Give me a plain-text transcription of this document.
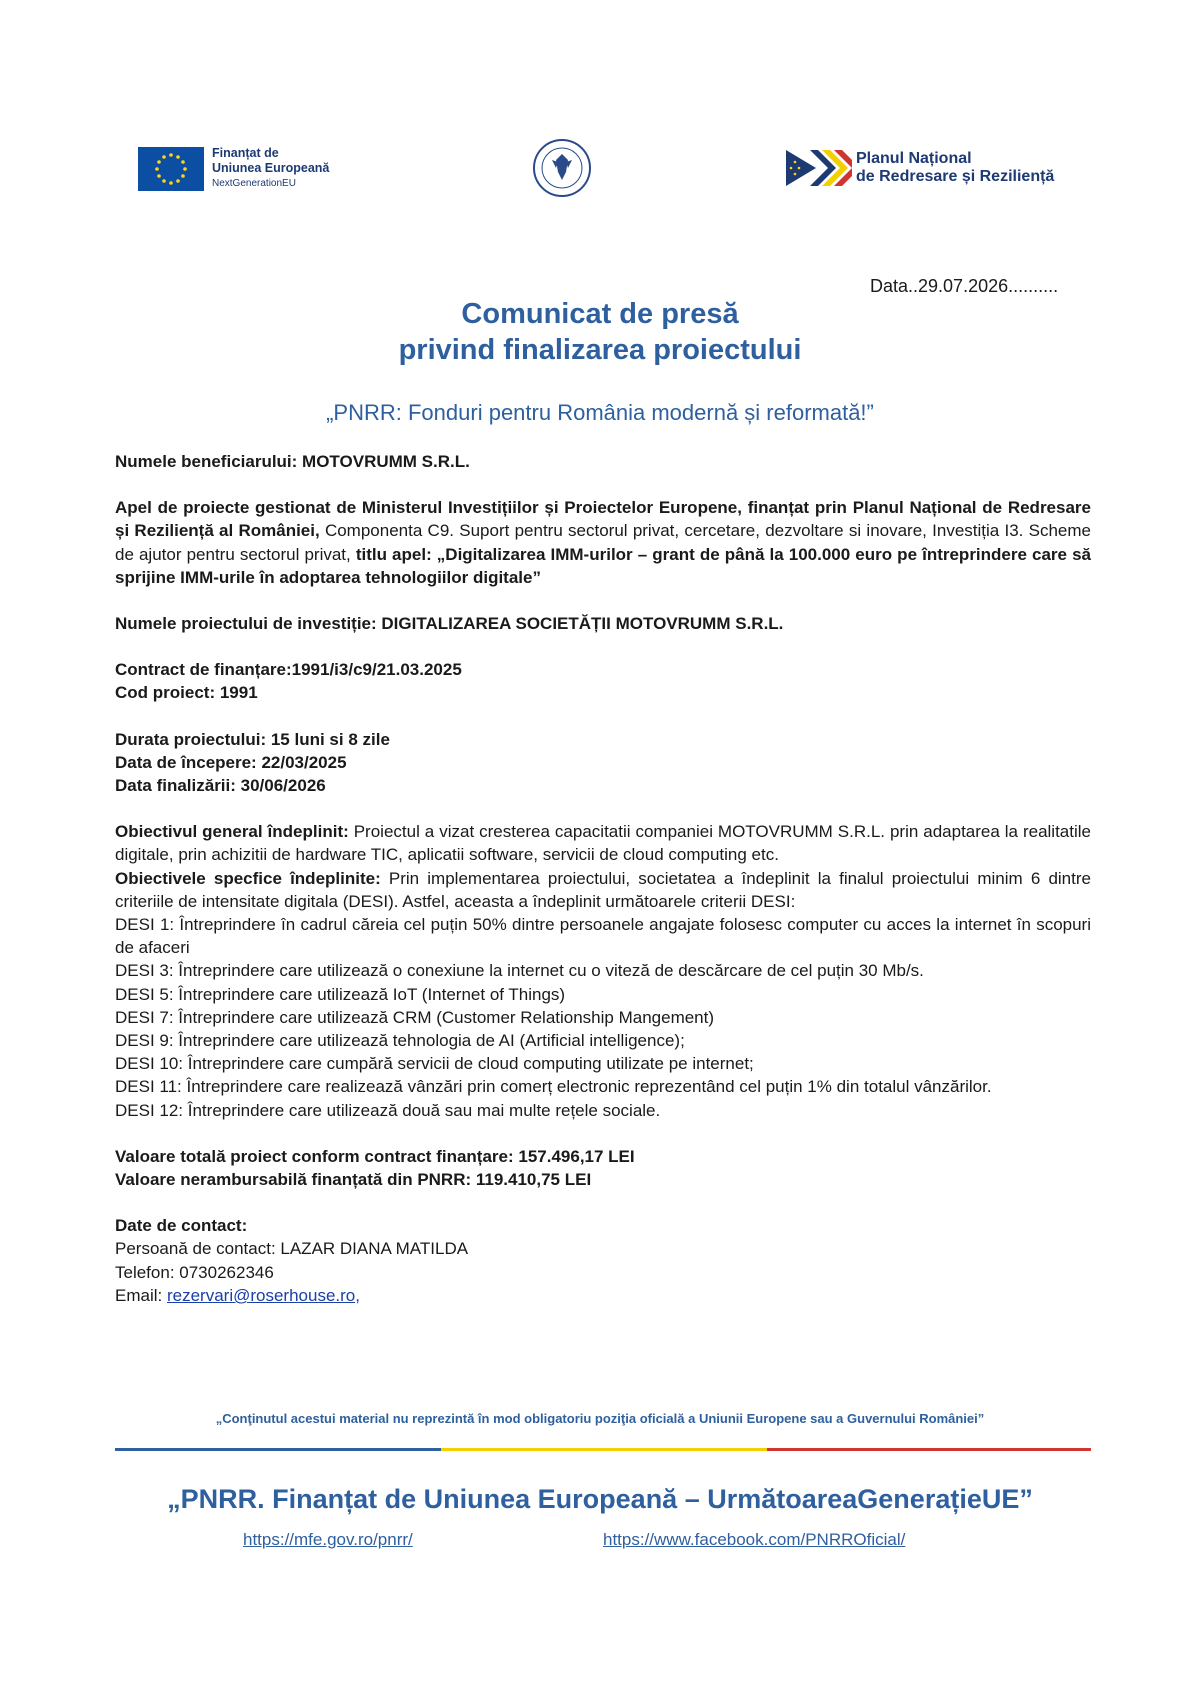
Finanțat de
Uniunea Europeană
NextGenerationEU
Planul Național
de Redresare și Reziliență
Data..29.07.2026..........
Comunicat de presă
privind finalizarea proiectului
„PNRR: Fonduri pentru România modernă și reformată!”

Numele beneficiarului: MOTOVRUMM S.R.L.

Apel de proiecte gestionat de Ministerul Investițiilor și Proiectelor Europene, finanțat prin Planul Național de Redresare și Reziliență al României, Componenta C9. Suport pentru sectorul privat, cercetare, dezvoltare si inovare, Investiția I3. Scheme de ajutor pentru sectorul privat, titlu apel: „Digitalizarea IMM-urilor – grant de până la 100.000 euro pe întreprindere care să sprijine IMM-urile în adoptarea tehnologiilor digitale”

Numele proiectului de investiție: DIGITALIZAREA SOCIETĂȚII MOTOVRUMM S.R.L.

Contract de finanțare:1991/i3/c9/21.03.2025

Cod proiect: 1991

Durata proiectului: 15 luni si 8 zile

Data de începere: 22/03/2025

Data finalizării: 30/06/2026

Obiectivul general îndeplinit: Proiectul a vizat cresterea capacitatii companiei MOTOVRUMM S.R.L. prin adaptarea la realitatile digitale, prin achizitii de hardware TIC, aplicatii software, servicii de cloud computing etc.

Obiectivele specfice îndeplinite: Prin implementarea proiectului, societatea a îndeplinit la finalul proiectului minim 6 dintre criteriile de intensitate digitala (DESI). Astfel, aceasta a îndeplinit următoarele criterii DESI:

DESI 1: Întreprindere în cadrul căreia cel puțin 50% dintre persoanele angajate folosesc computer cu acces la internet în scopuri de afaceri

DESI 3: Întreprindere care utilizează o conexiune la internet cu o viteză de descărcare de cel puțin 30 Mb/s.

DESI 5: Întreprindere care utilizează IoT (Internet of Things)

DESI 7: Întreprindere care utilizează CRM (Customer Relationship Mangement)

DESI 9: Întreprindere care utilizează tehnologia de AI (Artificial intelligence);

DESI 10: Întreprindere care cumpără servicii de cloud computing utilizate pe internet;

DESI 11: Întreprindere care realizează vânzări prin comerț electronic reprezentând cel puțin 1% din totalul vânzărilor.

DESI 12: Întreprindere care utilizează două sau mai multe rețele sociale.

Valoare totală proiect conform contract finanțare: 157.496,17 LEI

Valoare nerambursabilă finanțată din PNRR: 119.410,75 LEI

Date de contact:

Persoană de contact: LAZAR DIANA MATILDA

Telefon: 0730262346

Email: rezervari@roserhouse.ro,

„Conţinutul acestui material nu reprezintă în mod obligatoriu poziţia oficială a Uniunii Europene sau a Guvernului României”
„PNRR. Finanțat de Uniunea Europeană – UrmătoareaGenerațieUE”
https://mfe.gov.ro/pnrr/	https://www.facebook.com/PNRROficial/
